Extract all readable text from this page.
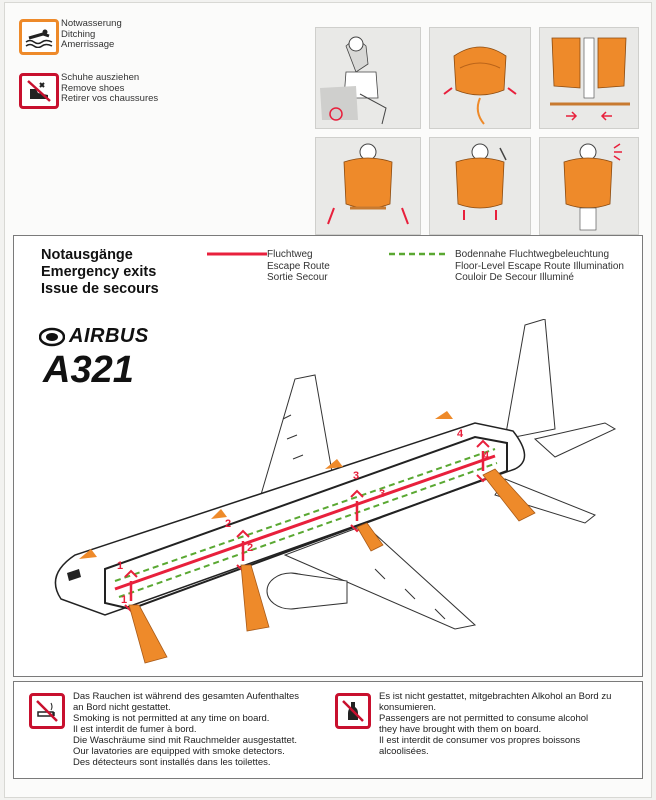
Notwasserung
Ditching
Amerrissage
Schuhe ausziehen
Remove shoes
Retirer vos chaussures
Notausgänge
Emergency exits
Issue de secours
Fluchtweg
Escape Route
Sortie Secour
Bodennahe Fluchtwegbeleuchtung
Floor-Level Escape Route Illumination
Couloir De Secour Illuminé
AIRBUS
A321
1
1
2
2
3
3
4
4
Das Rauchen ist während des gesamten Aufenthaltes
an Bord nicht gestattet.
Smoking is not permitted at any time on board.
Il est interdit de fumer à bord.
Die Waschräume sind mit Rauchmelder ausgestattet.
Our lavatories are equipped with smoke detectors.
Des détecteurs sont installés dans les toilettes.
Es ist nicht gestattet, mitgebrachten Alkohol an Bord zu
konsumieren.
Passengers are not permitted to consume alcohol
they have brought with them on board.
Il est interdit de consumer vos propres boissons
alcoolisées.
